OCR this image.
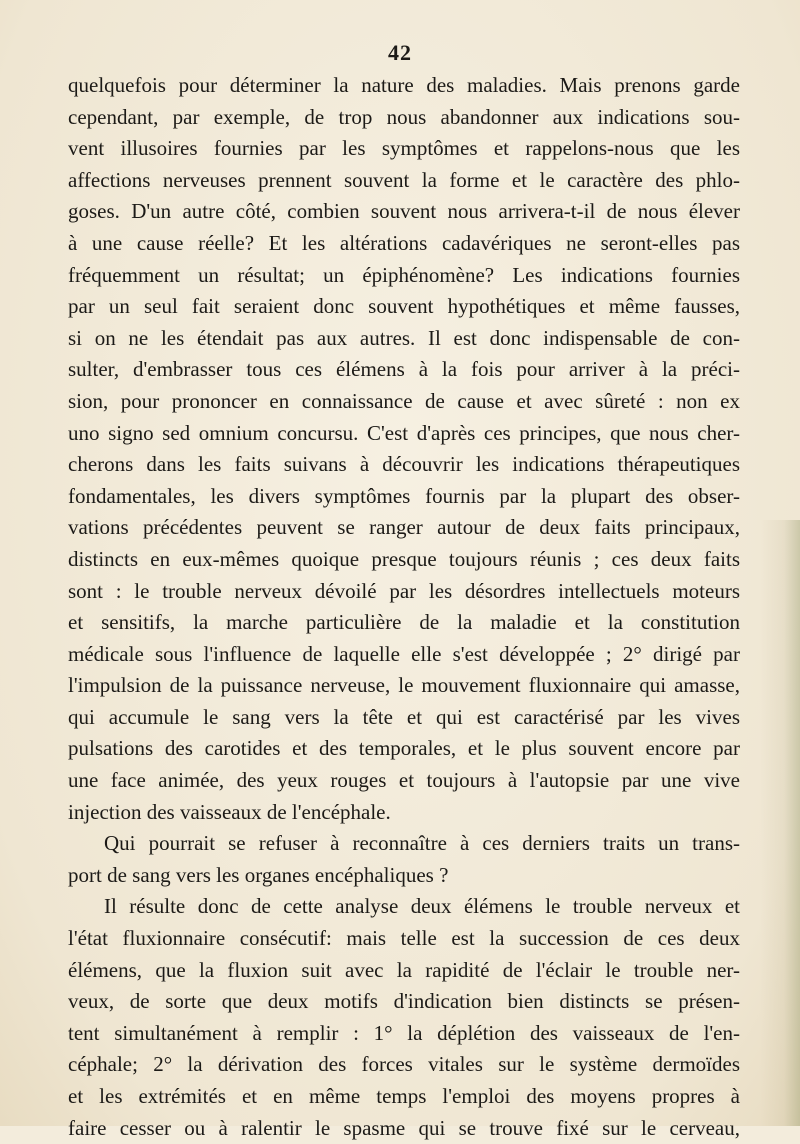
42
quelquefois pour déterminer la nature des maladies. Mais prenons garde
cependant, par exemple, de trop nous abandonner aux indications sou-
vent illusoires fournies par les symptômes et rappelons-nous que les
affections nerveuses prennent souvent la forme et le caractère des phlo-
goses. D'un autre côté, combien souvent nous arrivera-t-il de nous élever
à une cause réelle? Et les altérations cadavériques ne seront-elles pas
fréquemment un résultat; un épiphénomène? Les indications fournies
par un seul fait seraient donc souvent hypothétiques et même fausses,
si on ne les étendait pas aux autres. Il est donc indispensable de con-
sulter, d'embrasser tous ces élémens à la fois pour arriver à la préci-
sion, pour prononcer en connaissance de cause et avec sûreté : non ex
uno signo sed omnium concursu. C'est d'après ces principes, que nous cher-
cherons dans les faits suivans à découvrir les indications thérapeutiques
fondamentales, les divers symptômes fournis par la plupart des obser-
vations précédentes peuvent se ranger autour de deux faits principaux,
distincts en eux-mêmes quoique presque toujours réunis ; ces deux faits
sont : le trouble nerveux dévoilé par les désordres intellectuels moteurs
et sensitifs, la marche particulière de la maladie et la constitution
médicale sous l'influence de laquelle elle s'est développée ; 2° dirigé par
l'impulsion de la puissance nerveuse, le mouvement fluxionnaire qui amasse,
qui accumule le sang vers la tête et qui est caractérisé par les vives
pulsations des carotides et des temporales, et le plus souvent encore par
une face animée, des yeux rouges et toujours à l'autopsie par une vive
injection des vaisseaux de l'encéphale.
Qui pourrait se refuser à reconnaître à ces derniers traits un trans-
port de sang vers les organes encéphaliques ?
Il résulte donc de cette analyse deux élémens le trouble nerveux et
l'état fluxionnaire consécutif: mais telle est la succession de ces deux
élémens, que la fluxion suit avec la rapidité de l'éclair le trouble ner-
veux, de sorte que deux motifs d'indication bien distincts se présen-
tent simultanément à remplir : 1° la déplétion des vaisseaux de l'en-
céphale; 2° la dérivation des forces vitales sur le système dermoïdes
et les extrémités et en même temps l'emploi des moyens propres à
faire cesser ou à ralentir le spasme qui se trouve fixé sur le cerveau,
